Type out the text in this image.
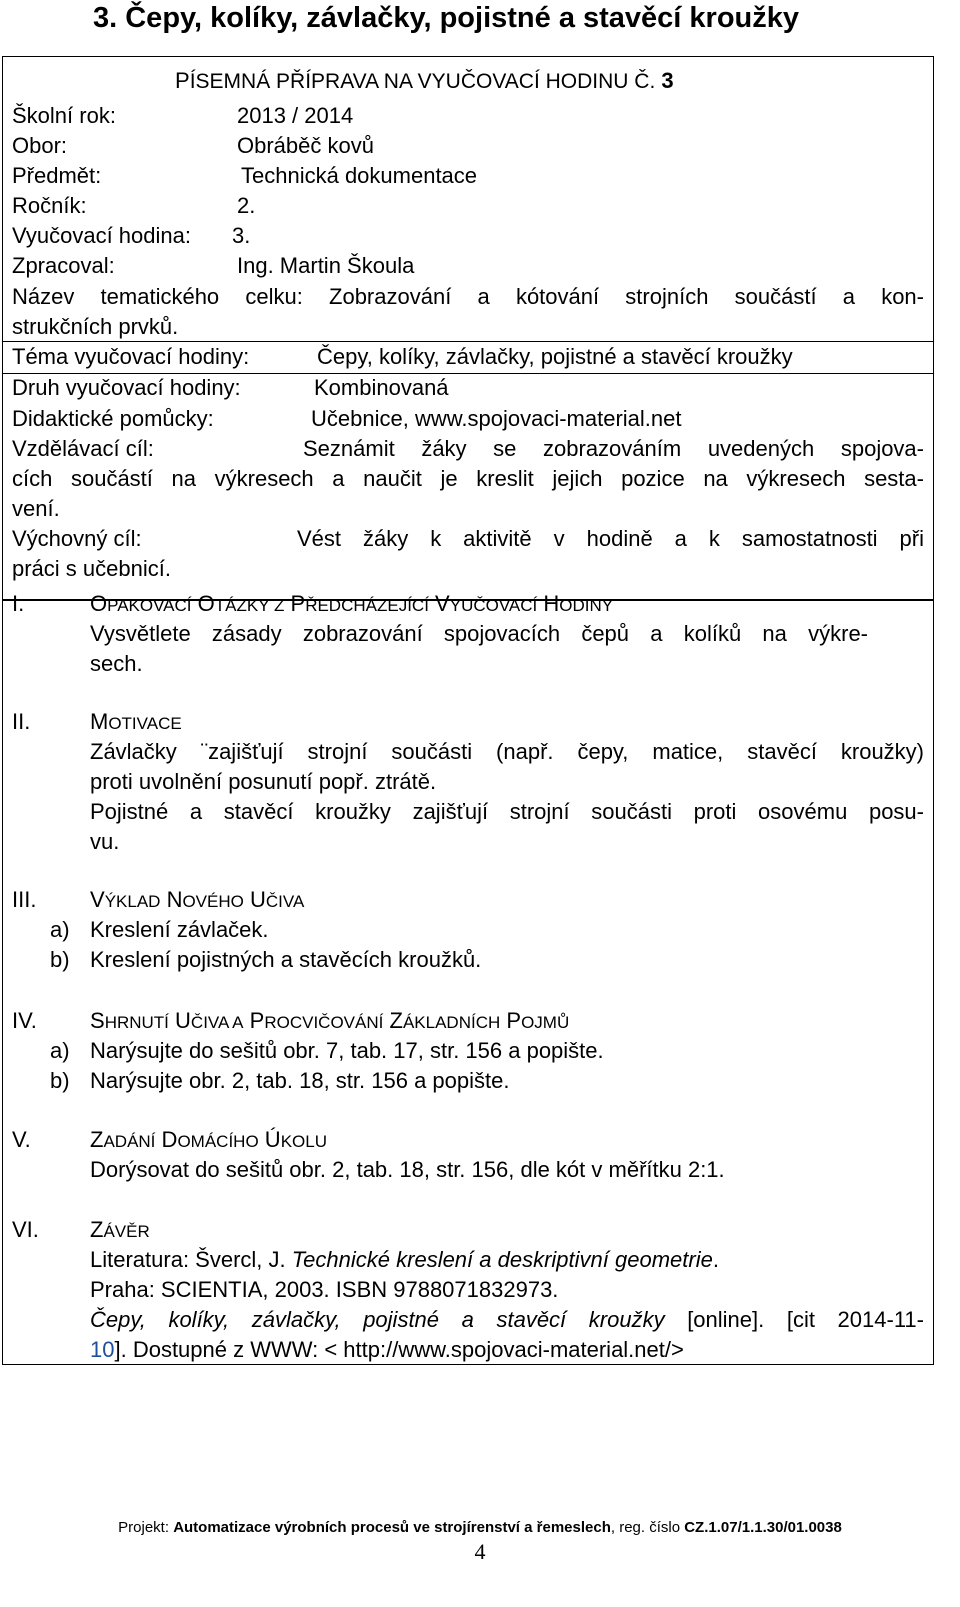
3. Čepy, kolíky, závlačky, pojistné a stavěcí kroužky
PÍSEMNÁ PŘÍPRAVA NA VYUČOVACÍ HODINU Č. 3
Školní rok:	2013 / 2014
Obor:	Obráběč kovů
Předmět:	Technická dokumentace
Ročník:	2.
Vyučovací hodina: 3.
Zpracoval:	Ing. Martin Škoula
Název tematického celku: Zobrazování a kótování strojních součástí a kon-
strukčních prvků.
Téma vyučovací hodiny:	Čepy, kolíky, závlačky, pojistné a stavěcí kroužky
Druh vyučovací hodiny:	Kombinovaná
Didaktické pomůcky:	Učebnice, www.spojovaci-material.net
Vzdělávací cíl:	Seznámit žáky se zobrazováním uvedených spojova-
cích součástí na výkresech a naučit je kreslit jejich pozice na výkresech sesta-
vení.
Výchovný cíl:	Vést žáky k aktivitě v hodině a k samostatnosti při
práci s učebnicí.
I.	OPAKOVACÍ OTÁZKY Z PŘEDCHÁZEJÍCÍ VYUČOVACÍ HODINY
Vysvětlete zásady zobrazování spojovacích čepů a kolíků na výkre-
sech.
II.	MOTIVACE
Závlačky ¨zajišťují strojní součásti (např. čepy, matice, stavěcí kroužky)
proti uvolnění posunutí popř. ztrátě.
Pojistné a stavěcí kroužky zajišťují strojní součásti proti osovému posu-
vu.
III. VÝKLAD NOVÉHO UČIVA
a) Kreslení závlaček.
b) Kreslení pojistných a stavěcích kroužků.
IV. SHRNUTÍ UČIVA A PROCVIČOVÁNÍ ZÁKLADNÍCH POJMŮ
a) Narýsujte do sešitů obr. 7, tab. 17, str. 156 a popište.
b) Narýsujte obr. 2, tab. 18, str. 156 a popište.
V.	ZADÁNÍ DOMÁCÍHO ÚKOLU
Dorýsovat do sešitů obr. 2, tab. 18, str. 156, dle kót v měřítku 2:1.
VI. ZÁVĚR
Literatura: Švercl, J. Technické kreslení a deskriptivní geometrie.
Praha: SCIENTIA, 2003. ISBN 9788071832973.
Čepy, kolíky, závlačky, pojistné a stavěcí kroužky [online]. [cit 2014-11-
10]. Dostupné z WWW: < http://www.spojovaci-material.net/>
Projekt: Automatizace výrobních procesů ve strojírenství a řemeslech, reg. číslo CZ.1.07/1.1.30/01.0038
4
